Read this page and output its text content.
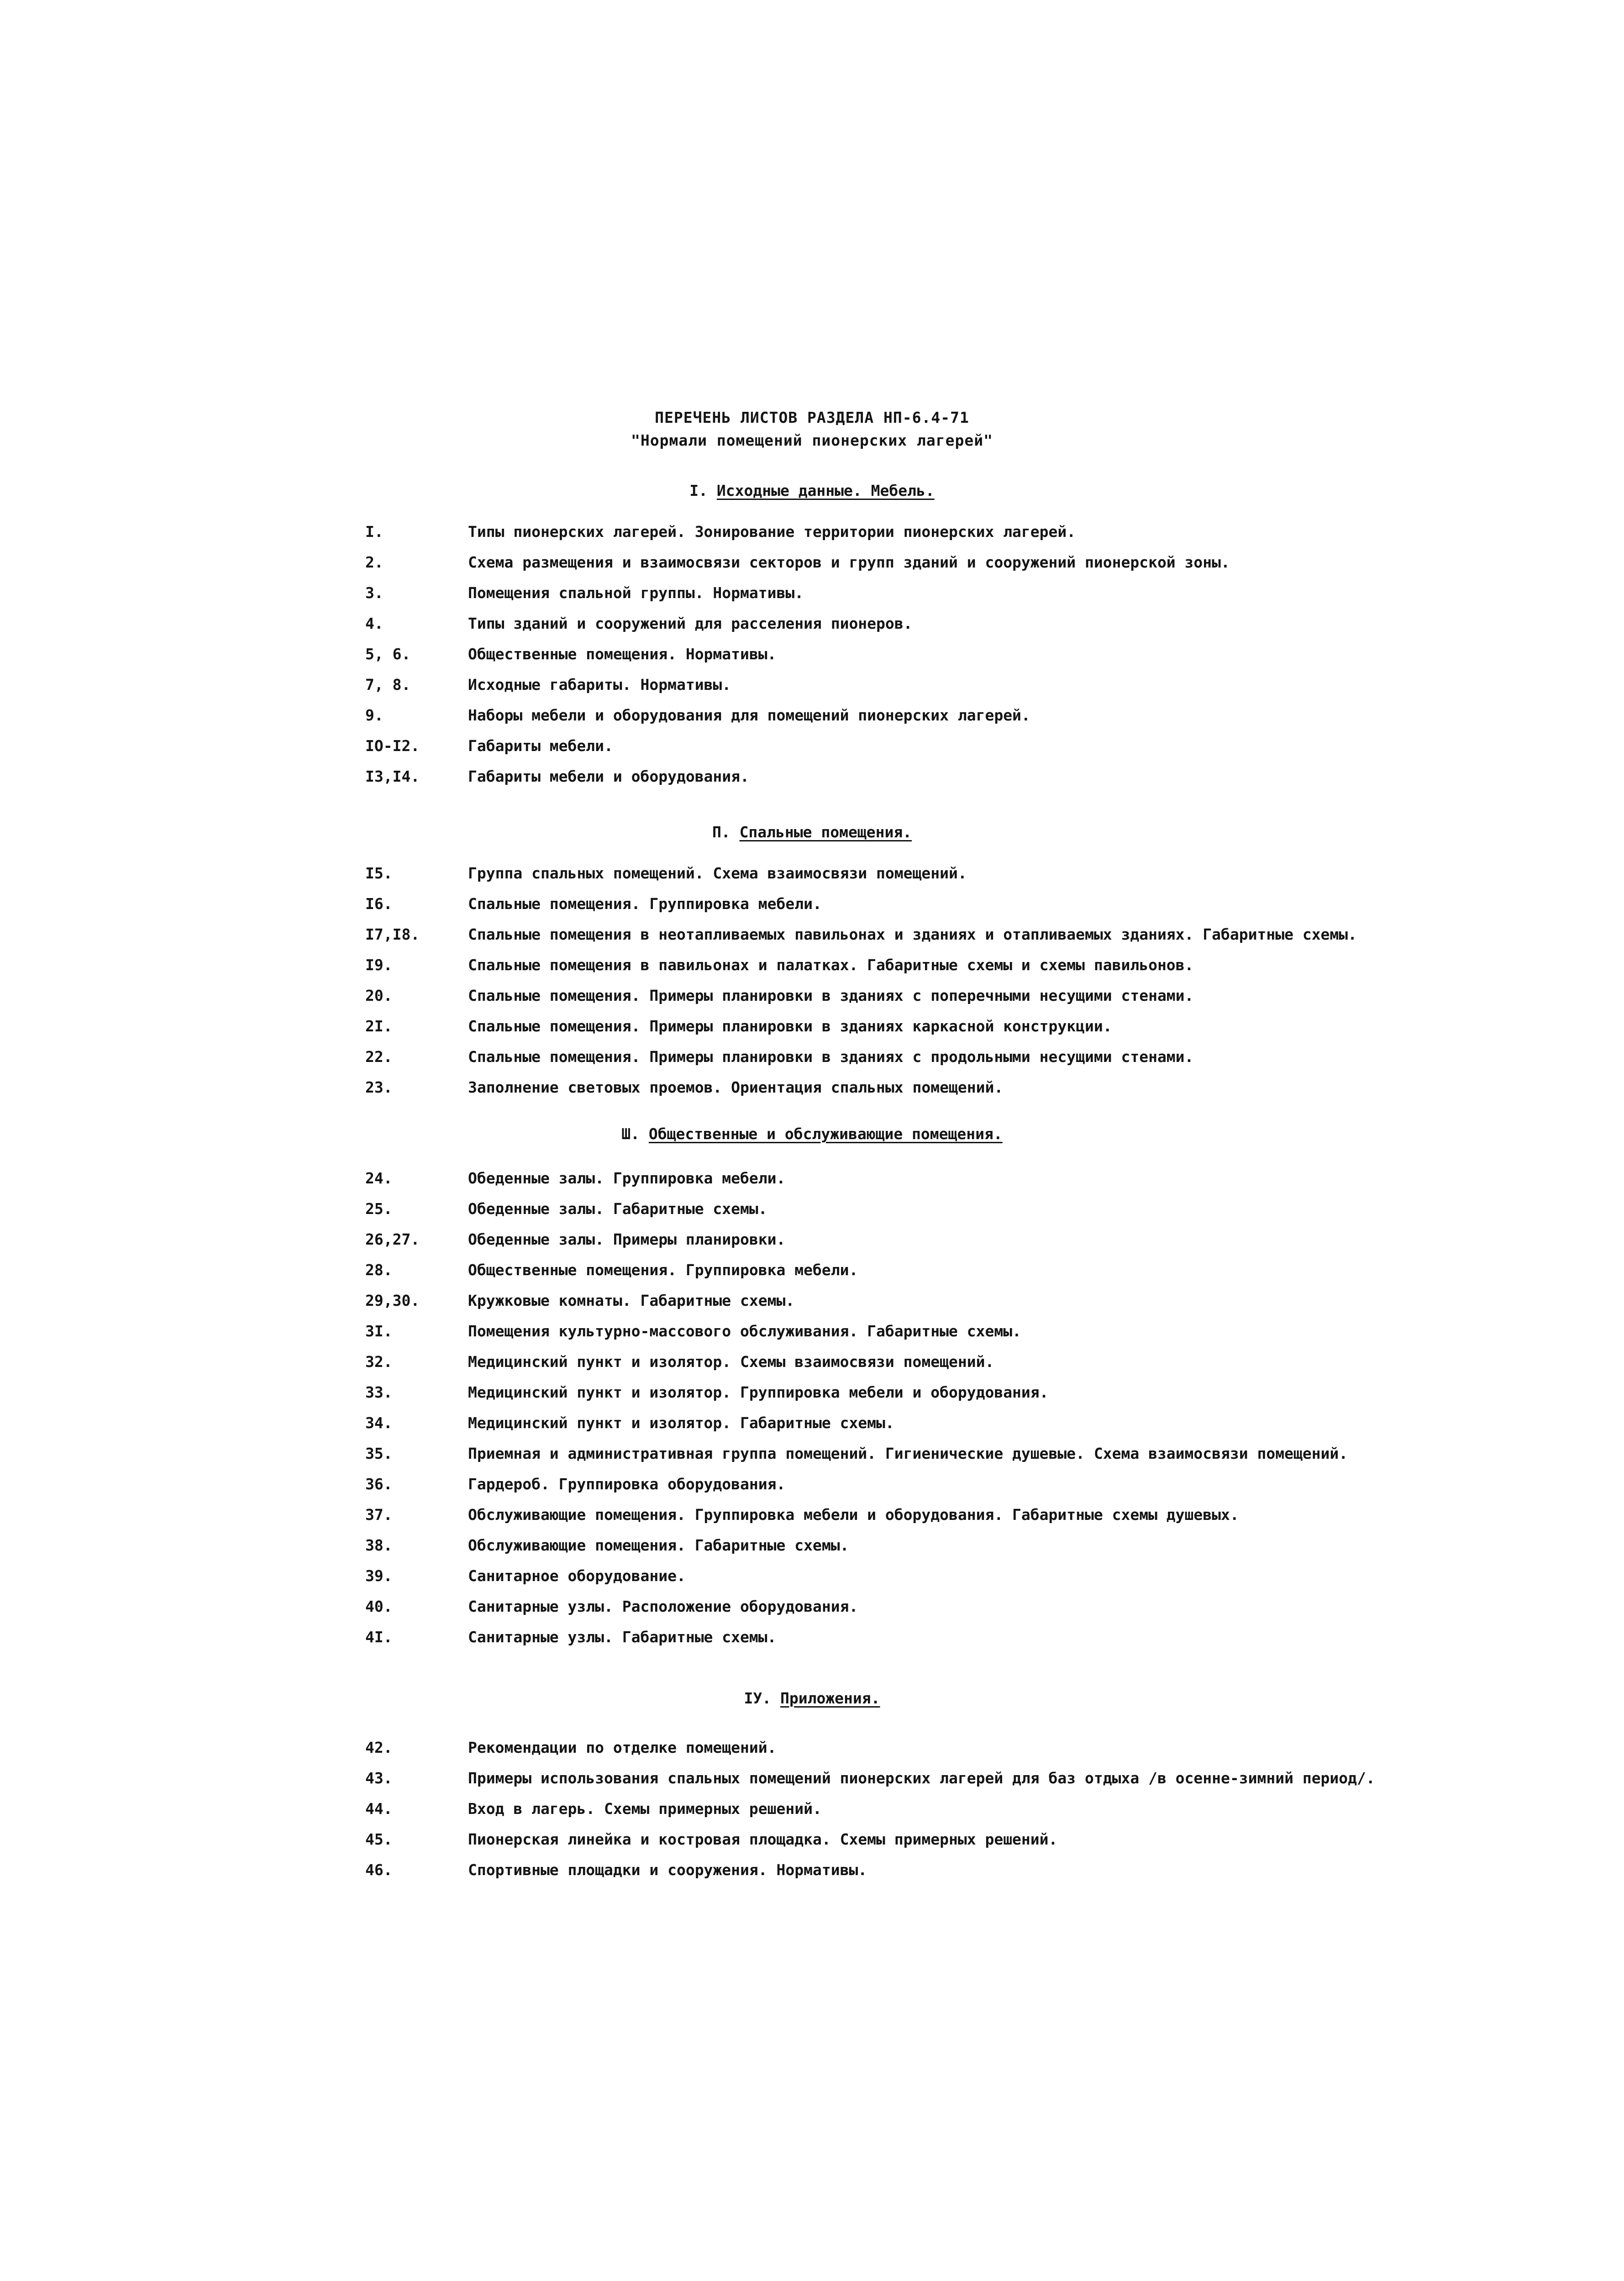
ПЕРЕЧЕНЬ ЛИСТОВ РАЗДЕЛА НП-6.4-71
"Нормали помещений пионерских лагерей"
I. Исходные данные. Мебель.
I.	Типы пионерских лагерей. Зонирование территории пионерских лагерей.
2.	Схема размещения и взаимосвязи секторов и групп зданий и сооружений пионерской зоны.
3.	Помещения спальной группы. Нормативы.
4.	Типы зданий и сооружений для расселения пионеров.
5, 6.	Общественные помещения. Нормативы.
7, 8.	Исходные габариты. Нормативы.
9.	Наборы мебели и оборудования для помещений пионерских лагерей.
IO-I2.	Габариты мебели.
I3,I4.	Габариты мебели и оборудования.
П. Спальные помещения.
I5.	Группа спальных помещений. Схема взаимосвязи помещений.
I6.	Спальные помещения. Группировка мебели.
I7,I8.	Спальные помещения в неотапливаемых павильонах и зданиях и отапливаемых зданиях. Габаритные схемы.
I9.	Спальные помещения в павильонах и палатках. Габаритные схемы и схемы павильонов.
20.	Спальные помещения. Примеры планировки в зданиях с поперечными несущими стенами.
2I.	Спальные помещения. Примеры планировки в зданиях каркасной конструкции.
22.	Спальные помещения. Примеры планировки в зданиях с продольными несущими стенами.
23.	Заполнение световых проемов. Ориентация спальных помещений.
Ш. Общественные и обслуживающие помещения.
24.	Обеденные залы. Группировка мебели.
25.	Обеденные залы. Габаритные схемы.
26,27.	Обеденные залы. Примеры планировки.
28.	Общественные помещения. Группировка мебели.
29,30.	Кружковые комнаты. Габаритные схемы.
3I.	Помещения культурно-массового обслуживания. Габаритные схемы.
32.	Медицинский пункт и изолятор. Схемы взаимосвязи помещений.
33.	Медицинский пункт и изолятор. Группировка мебели и оборудования.
34.	Медицинский пункт и изолятор. Габаритные схемы.
35.	Приемная и административная группа помещений. Гигиенические душевые. Схема взаимосвязи помещений.
36.	Гардероб. Группировка оборудования.
37.	Обслуживающие помещения. Группировка мебели и оборудования. Габаритные схемы душевых.
38.	Обслуживающие помещения. Габаритные схемы.
39.	Санитарное оборудование.
40.	Санитарные узлы. Расположение оборудования.
4I.	Санитарные узлы. Габаритные схемы.
IУ. Приложения.
42.	Рекомендации по отделке помещений.
43.	Примеры использования спальных помещений пионерских лагерей для баз отдыха /в осенне-зимний период/.
44.	Вход в лагерь. Схемы примерных решений.
45.	Пионерская линейка и костровая площадка. Схемы примерных решений.
46.	Спортивные площадки и сооружения. Нормативы.
